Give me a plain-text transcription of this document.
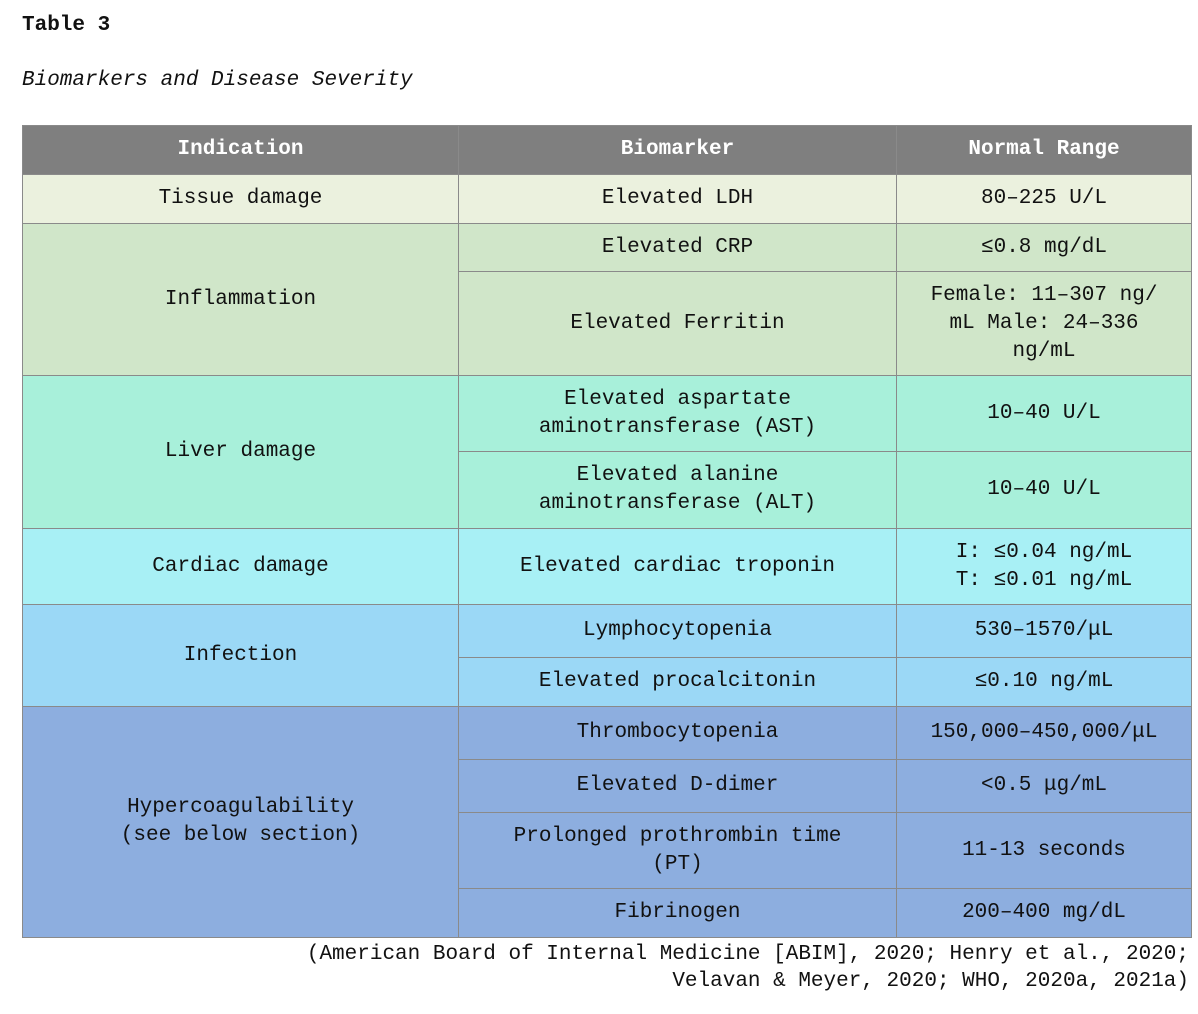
Table 3
Biomarkers and Disease Severity
Indication	Biomarker	Normal Range

Tissue damage	Elevated LDH	80–225 U/L

Inflammation	Elevated CRP	≤0.8 mg/dL

	Elevated Ferritin	Female: 11–307 ng/
mL Male: 24–336
ng/mL

Liver damage	Elevated aspartate
aminotransferase (AST)	10–40 U/L

	Elevated alanine
aminotransferase (ALT)	10–40 U/L

Cardiac damage	Elevated cardiac troponin	I: ≤0.04 ng/mL
T: ≤0.01 ng/mL

Infection	Lymphocytopenia	530–1570/μL

	Elevated procalcitonin	≤0.10 ng/mL

Hypercoagulability
(see below section)	Thrombocytopenia	150,000–450,000/μL

	Elevated D-dimer	<0.5 μg/mL

	Prolonged prothrombin time
(PT)	11-13 seconds

	Fibrinogen	200–400 mg/dL
(American Board of Internal Medicine [ABIM], 2020; Henry et al., 2020;
Velavan & Meyer, 2020; WHO, 2020a, 2021a)
